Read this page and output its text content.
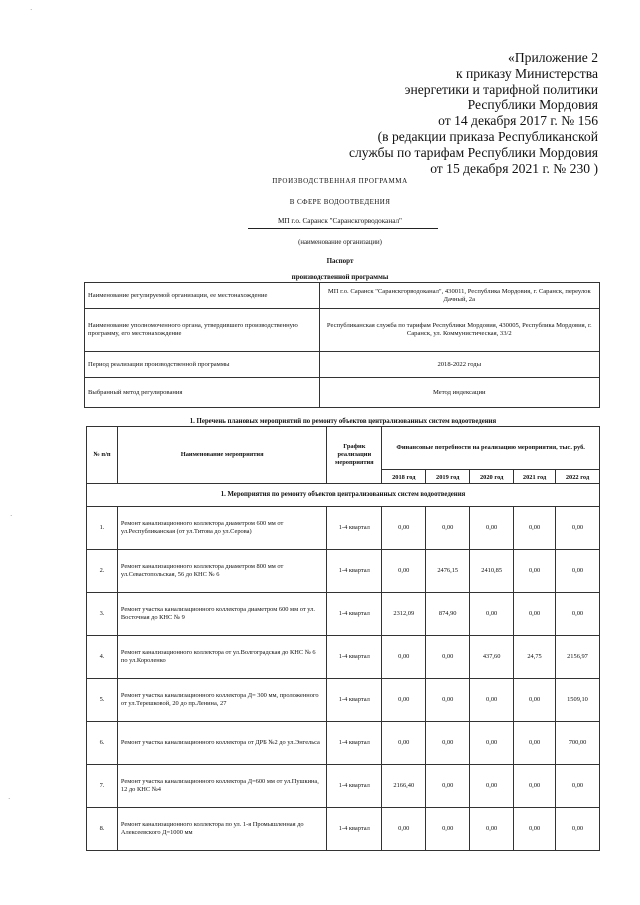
«Приложение 2
к приказу Министерства
энергетики и тарифной политики
Республики Мордовия
от 14 декабря 2017 г. № 156
(в редакции приказа Республиканской
службы по тарифам Республики Мордовия
от 15 декабря 2021 г. № 230 )
ПРОИЗВОДСТВЕННАЯ ПРОГРАММА
В СФЕРЕ ВОДООТВЕДЕНИЯ
МП г.о. Саранск "Саранскгорводоканал"
(наименование организации)
Паспорт
производственной программы
Наименование регулируемой организации, ее местонахождение	МП г.о. Саранск "Саранскгорводоканал", 430011, Республика Мордовия, г. Саранск, переулок Дачный, 2а
Наименование уполномоченного органа, утвердившего производственную программу, его местонахождение	Республиканская служба по тарифам Республики Мордовия, 430005, Республика Мордовия, г. Саранск, ул. Коммунистическая, 33/2
Период реализации производственной программы	2018-2022 годы
Выбранный метод регулирования	Метод индексации
1. Перечень плановых мероприятий по ремонту объектов централизованных систем водоотведения
№ п/п	Наименование мероприятия	График реализации мероприятия	Финансовые потребности на реализацию мероприятия, тыс. руб.				
			2018 год	2019 год	2020 год	2021 год	2022 год
1. Мероприятия по ремонту объектов централизованных систем водоотведения							
1.	Ремонт канализационного коллектора диаметром 600 мм от ул.Республиканская (от ул.Титова до ул.Серова)	1-4 квартал	0,00	0,00	0,00	0,00	0,00
2.	Ремонт канализационного коллектора диаметром 800 мм от ул.Севастопольская, 56 до КНС № 6	1-4 квартал	0,00	2476,15	2410,85	0,00	0,00
3.	Ремонт участка канализационного коллектора диаметром 600 мм от ул. Восточная до КНС № 9	1-4 квартал	2312,09	874,90	0,00	0,00	0,00
4.	Ремонт канализационного коллектора от ул.Волгоградская до КНС № 6 по ул.Короленко	1-4 квартал	0,00	0,00	437,60	24,75	2156,97
5.	Ремонт участка канализационного коллектора Д= 300 мм, проложенного от ул.Терешковой, 20 до пр.Ленина, 27	1-4 квартал	0,00	0,00	0,00	0,00	1509,10
6.	Ремонт участка канализационного коллектора от ДРБ №2 до ул.Энгельса	1-4 квартал	0,00	0,00	0,00	0,00	700,00
7.	Ремонт участка канализационного коллектора Д=600 мм от ул.Пушкина, 12 до КНС №4	1-4 квартал	2166,40	0,00	0,00	0,00	0,00
8.	Ремонт канализационного коллектора по ул. 1-я Промышленная до Алексеевского Д=1000 мм	1-4 квартал	0,00	0,00	0,00	0,00	0,00
·
·
·
